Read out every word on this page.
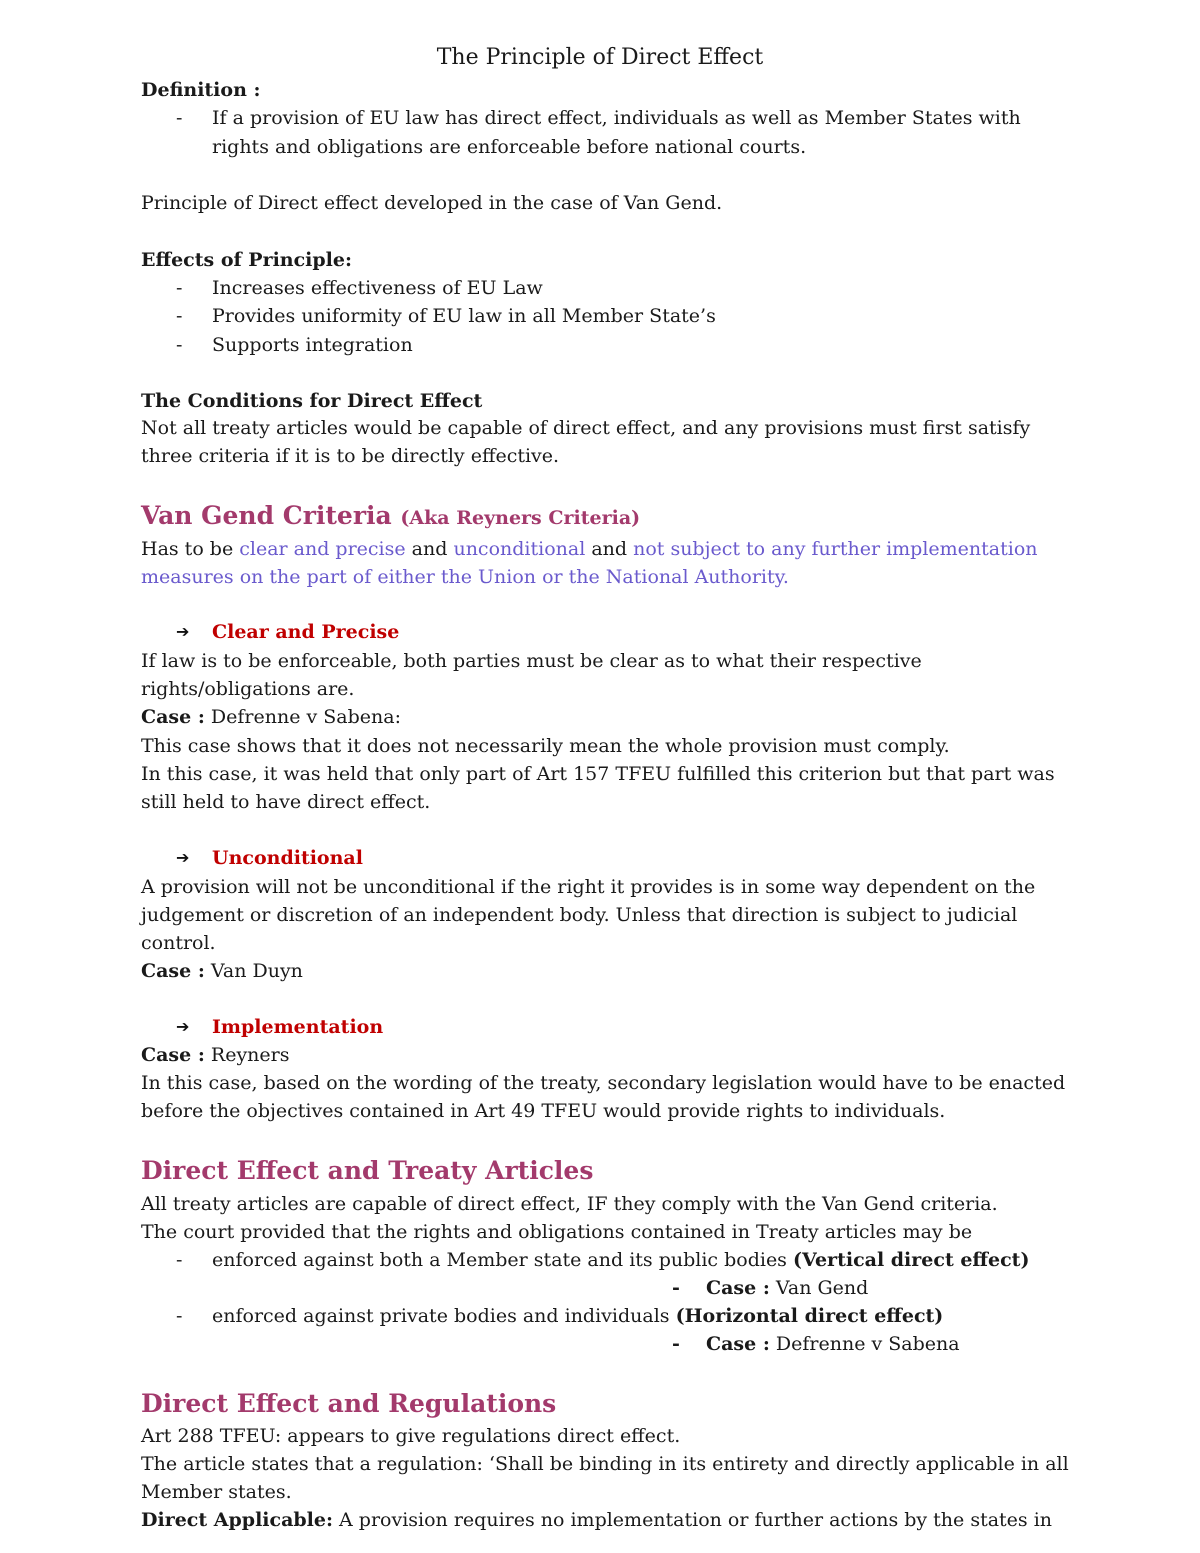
The Principle of Direct Effect
Definition :
- If a provision of EU law has direct effect, individuals as well as Member States with
rights and obligations are enforceable before national courts.
Principle of Direct effect developed in the case of Van Gend.
Effects of Principle:
- Increases effectiveness of EU Law
- Provides uniformity of EU law in all Member State’s
- Supports integration
The Conditions for Direct Effect
Not all treaty articles would be capable of direct effect, and any provisions must first satisfy
three criteria if it is to be directly effective.
Van Gend Criteria (Aka Reyners Criteria)
Has to be clear and precise and unconditional and not subject to any further implementation
measures on the part of either the Union or the National Authority.
➔ Clear and Precise
If law is to be enforceable, both parties must be clear as to what their respective
rights/obligations are.
Case : Defrenne v Sabena:
This case shows that it does not necessarily mean the whole provision must comply.
In this case, it was held that only part of Art 157 TFEU fulfilled this criterion but that part was
still held to have direct effect.
➔ Unconditional
A provision will not be unconditional if the right it provides is in some way dependent on the
judgement or discretion of an independent body. Unless that direction is subject to judicial
control.
Case : Van Duyn
➔ Implementation
Case : Reyners
In this case, based on the wording of the treaty, secondary legislation would have to be enacted
before the objectives contained in Art 49 TFEU would provide rights to individuals.
Direct Effect and Treaty Articles
All treaty articles are capable of direct effect, IF they comply with the Van Gend criteria.
The court provided that the rights and obligations contained in Treaty articles may be
- enforced against both a Member state and its public bodies (Vertical direct effect)
- Case : Van Gend
- enforced against private bodies and individuals (Horizontal direct effect)
- Case : Defrenne v Sabena
Direct Effect and Regulations
Art 288 TFEU: appears to give regulations direct effect.
The article states that a regulation: ‘Shall be binding in its entirety and directly applicable in all
Member states.
Direct Applicable: A provision requires no implementation or further actions by the states in
